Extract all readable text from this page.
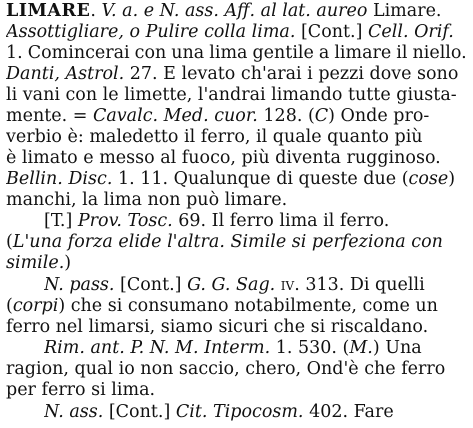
LIMARE. V. a. e N. ass. Aff. al lat. aureo Limare.
Assottigliare, o Pulire colla lima. [Cont.] Cell. Orif.
1. Comincerai con una lima gentile a limare il niello.
Danti, Astrol. 27. E levato ch'arai i pezzi dove sono
li vani con le limette, l'andrai limando tutte giusta-
mente. = Cavalc. Med. cuor. 128. (C) Onde pro-
verbio è: maledetto il ferro, il quale quanto più
è limato e messo al fuoco, più diventa rugginoso.
Bellin. Disc. 1. 11. Qualunque di queste due (cose)
manchi, la lima non può limare.
[T.] Prov. Tosc. 69. Il ferro lima il ferro.
(L'una forza elide l'altra. Simile si perfeziona con
simile.)
N. pass. [Cont.] G. G. Sag. iv. 313. Di quelli
(corpi) che si consumano notabilmente, come un
ferro nel limarsi, siamo sicuri che si riscaldano.
Rim. ant. P. N. M. Interm. 1. 530. (M.) Una
ragion, qual io non saccio, chero, Ond'è che ferro
per ferro si lima.
N. ass. [Cont.] Cit. Tipocosm. 402. Fare
